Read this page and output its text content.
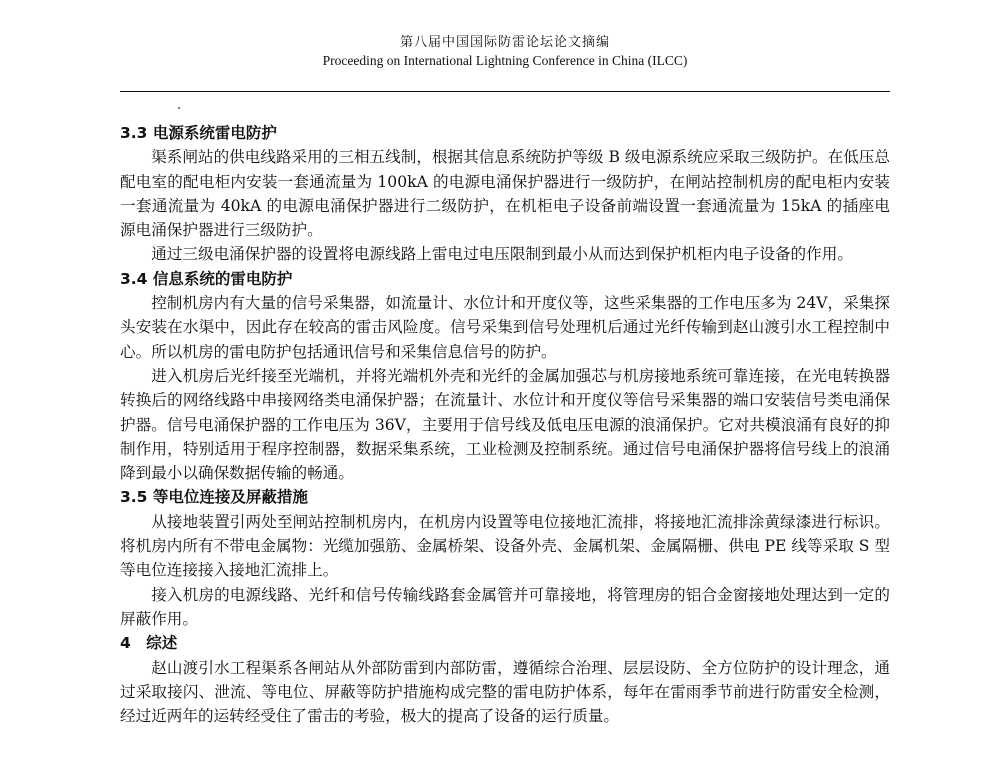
第八届中国国际防雷论坛论文摘编
Proceeding on International Lightning Conference in China (ILCC)

3.3 电源系统雷电防护

渠系闸站的供电线路采用的三相五线制，根据其信息系统防护等级 B 级电源系统应采取三级防护。在低压总配电室的配电柜内安装一套通流量为 100kA 的电源电涌保护器进行一级防护，在闸站控制机房的配电柜内安装一套通流量为 40kA 的电源电涌保护器进行二级防护，在机柜电子设备前端设置一套通流量为 15kA 的插座电源电涌保护器进行三级防护。

通过三级电涌保护器的设置将电源线路上雷电过电压限制到最小从而达到保护机柜内电子设备的作用。

3.4 信息系统的雷电防护

控制机房内有大量的信号采集器，如流量计、水位计和开度仪等，这些采集器的工作电压多为 24V，采集探头安装在水渠中，因此存在较高的雷击风险度。信号采集到信号处理机后通过光纤传输到赵山渡引水工程控制中心。所以机房的雷电防护包括通讯信号和采集信息信号的防护。

进入机房后光纤接至光端机，并将光端机外壳和光纤的金属加强芯与机房接地系统可靠连接，在光电转换器转换后的网络线路中串接网络类电涌保护器；在流量计、水位计和开度仪等信号采集器的端口安装信号类电涌保护器。信号电涌保护器的工作电压为 36V，主要用于信号线及低电压电源的浪涌保护。它对共模浪涌有良好的抑制作用，特别适用于程序控制器，数据采集系统，工业检测及控制系统。通过信号电涌保护器将信号线上的浪涌降到最小以确保数据传输的畅通。

3.5 等电位连接及屏蔽措施

从接地装置引两处至闸站控制机房内，在机房内设置等电位接地汇流排，将接地汇流排涂黄绿漆进行标识。将机房内所有不带电金属物：光缆加强筋、金属桥架、设备外壳、金属机架、金属隔栅、供电 PE 线等采取 S 型等电位连接接入接地汇流排上。

接入机房的电源线路、光纤和信号传输线路套金属管并可靠接地，将管理房的铝合金窗接地处理达到一定的屏蔽作用。

4　综述

赵山渡引水工程渠系各闸站从外部防雷到内部防雷，遵循综合治理、层层设防、全方位防护的设计理念，通过采取接闪、泄流、等电位、屏蔽等防护措施构成完整的雷电防护体系，每年在雷雨季节前进行防雷安全检测，经过近两年的运转经受住了雷击的考验，极大的提高了设备的运行质量。
